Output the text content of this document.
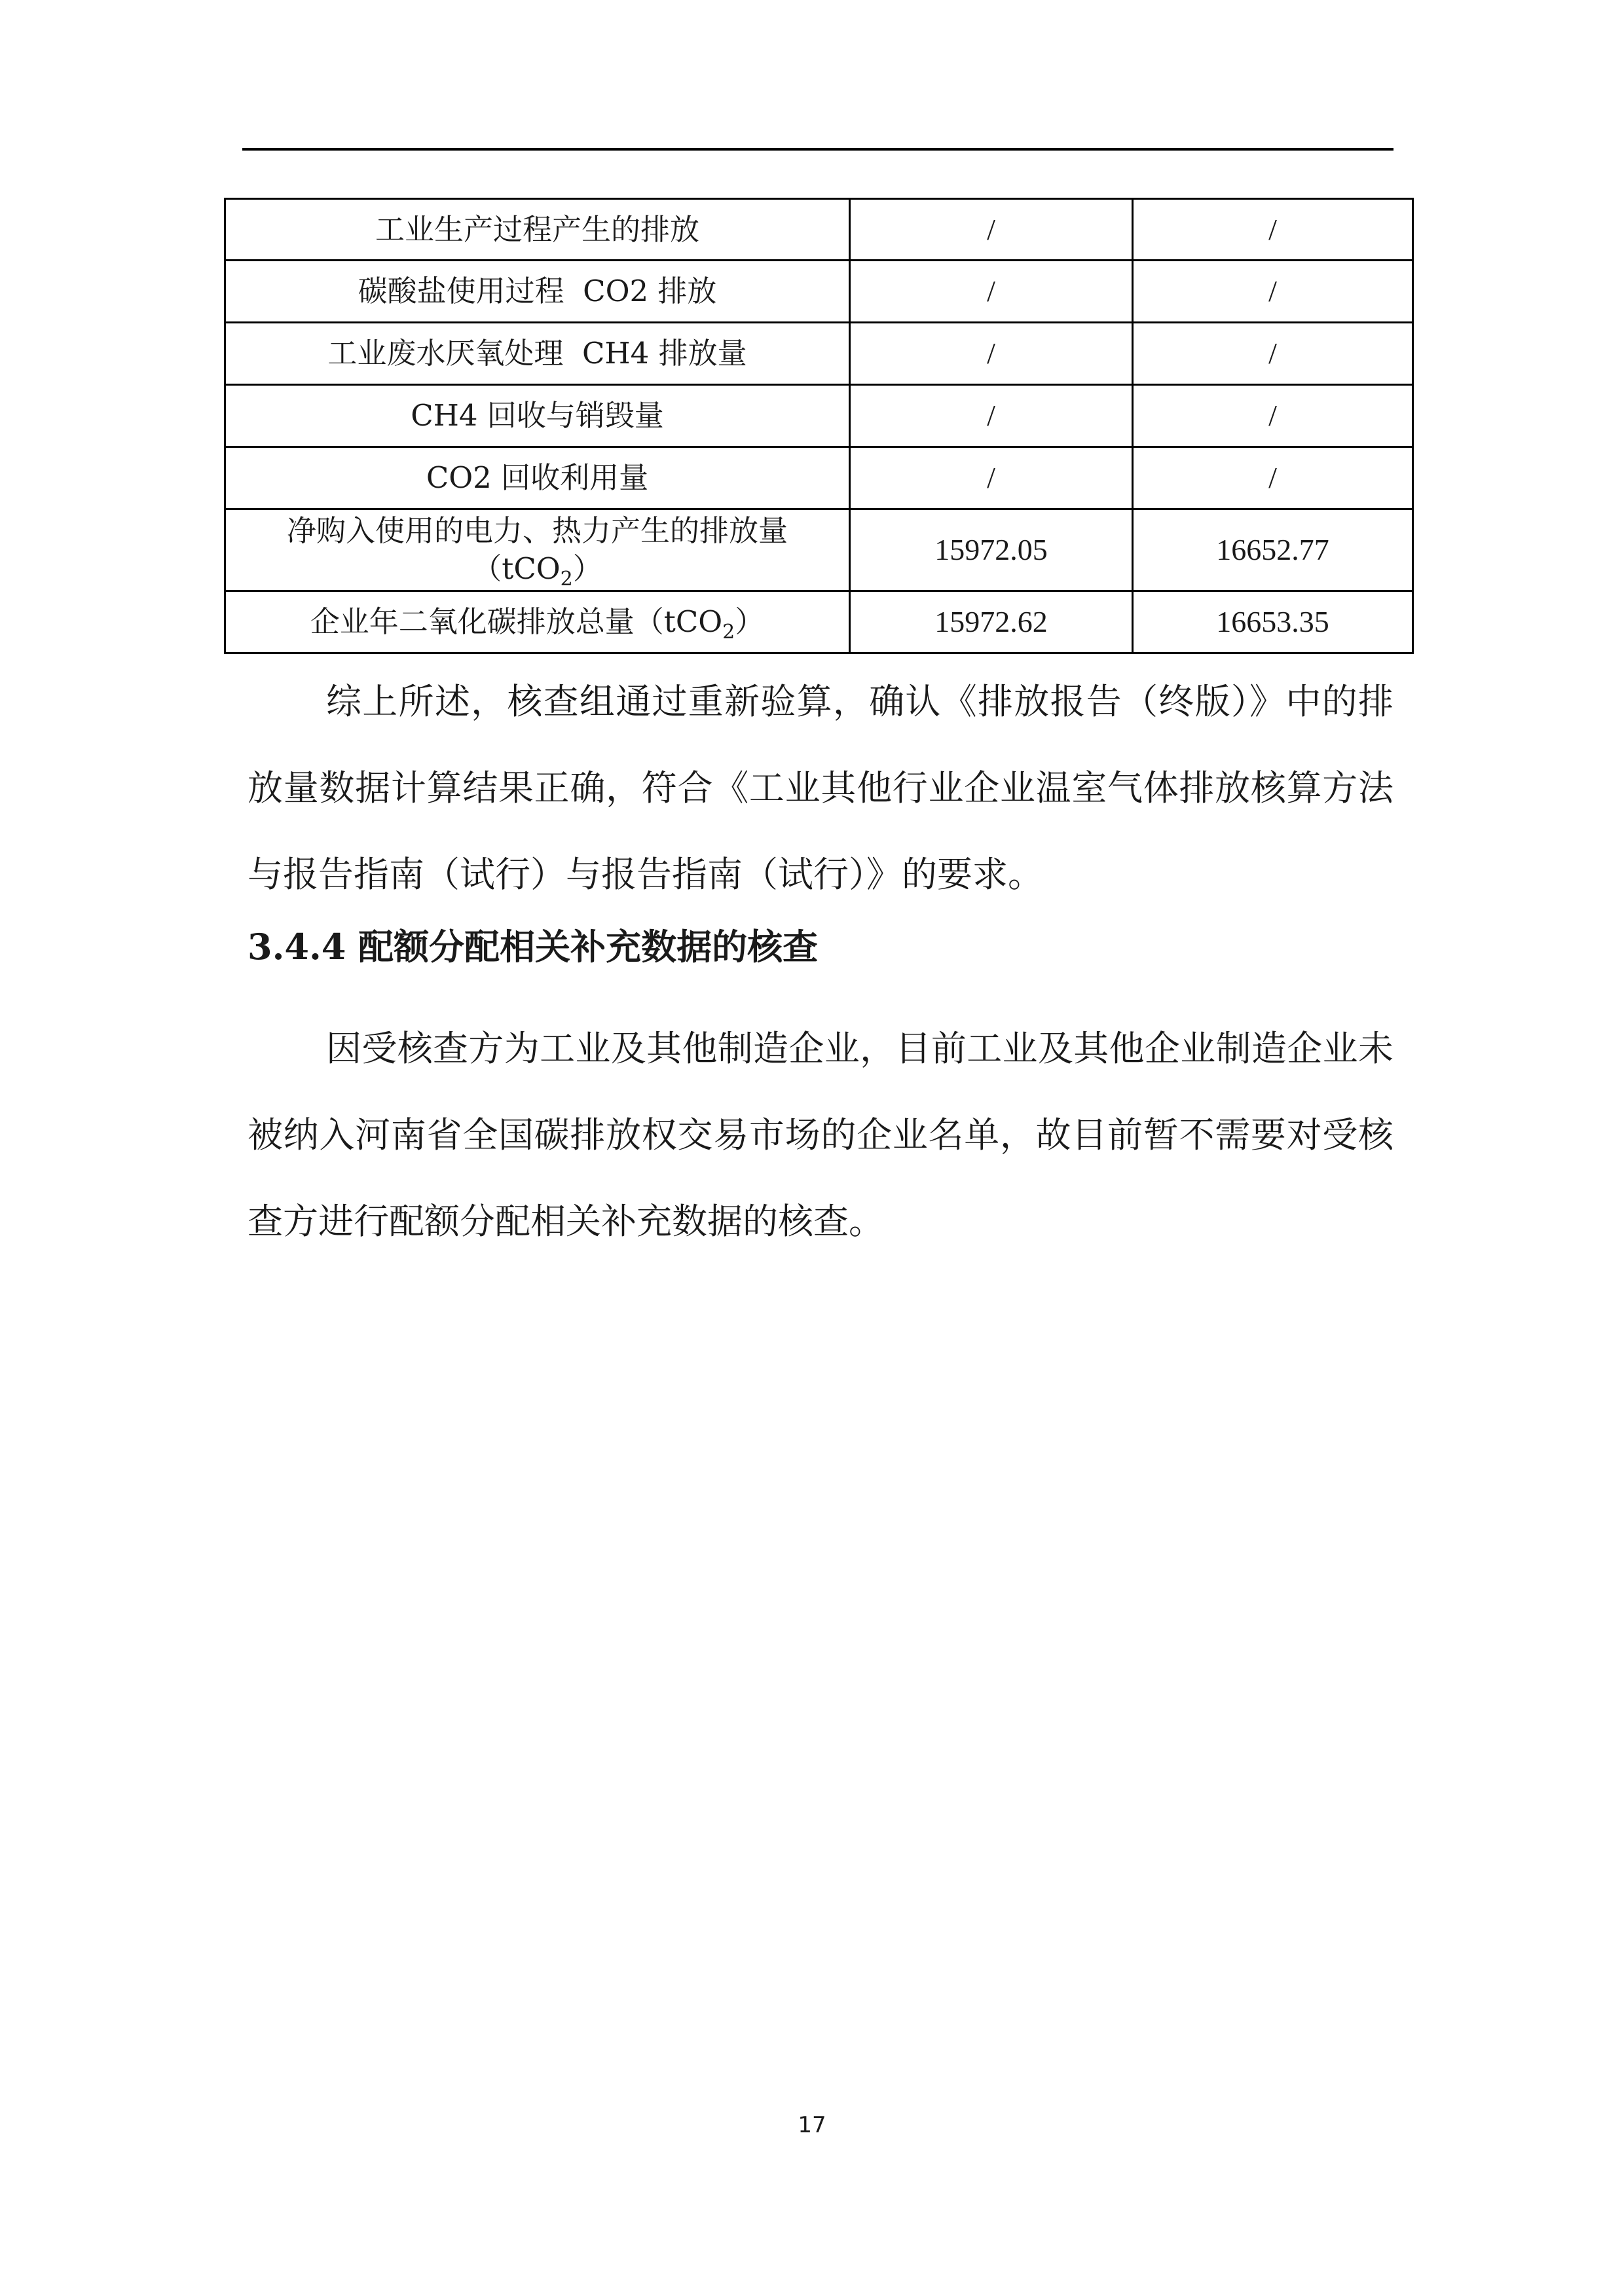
工业生产过程产生的排放	/	/
碳酸盐使用过程  CO2 排放	/	/
工业废水厌氧处理  CH4 排放量	/	/
CH4 回收与销毁量	/	/
CO2 回收利用量	/	/
净购入使用的电力、热力产生的排放量
（tCO$_2$）	15972.05	16652.77
企业年二氧化碳排放总量（tCO$_2$）	15972.62	16653.35

综上所述，核查组通过重新验算，确认《排放报告（终版）》中的排放量数据计算结果正确，符合《工业其他行业企业温室气体排放核算方法与报告指南（试行）与报告指南（试行）》的要求。

3.4.4 配额分配相关补充数据的核查

因受核查方为工业及其他制造企业，目前工业及其他企业制造企业未被纳入河南省全国碳排放权交易市场的企业名单，故目前暂不需要对受核查方进行配额分配相关补充数据的核查。

17
